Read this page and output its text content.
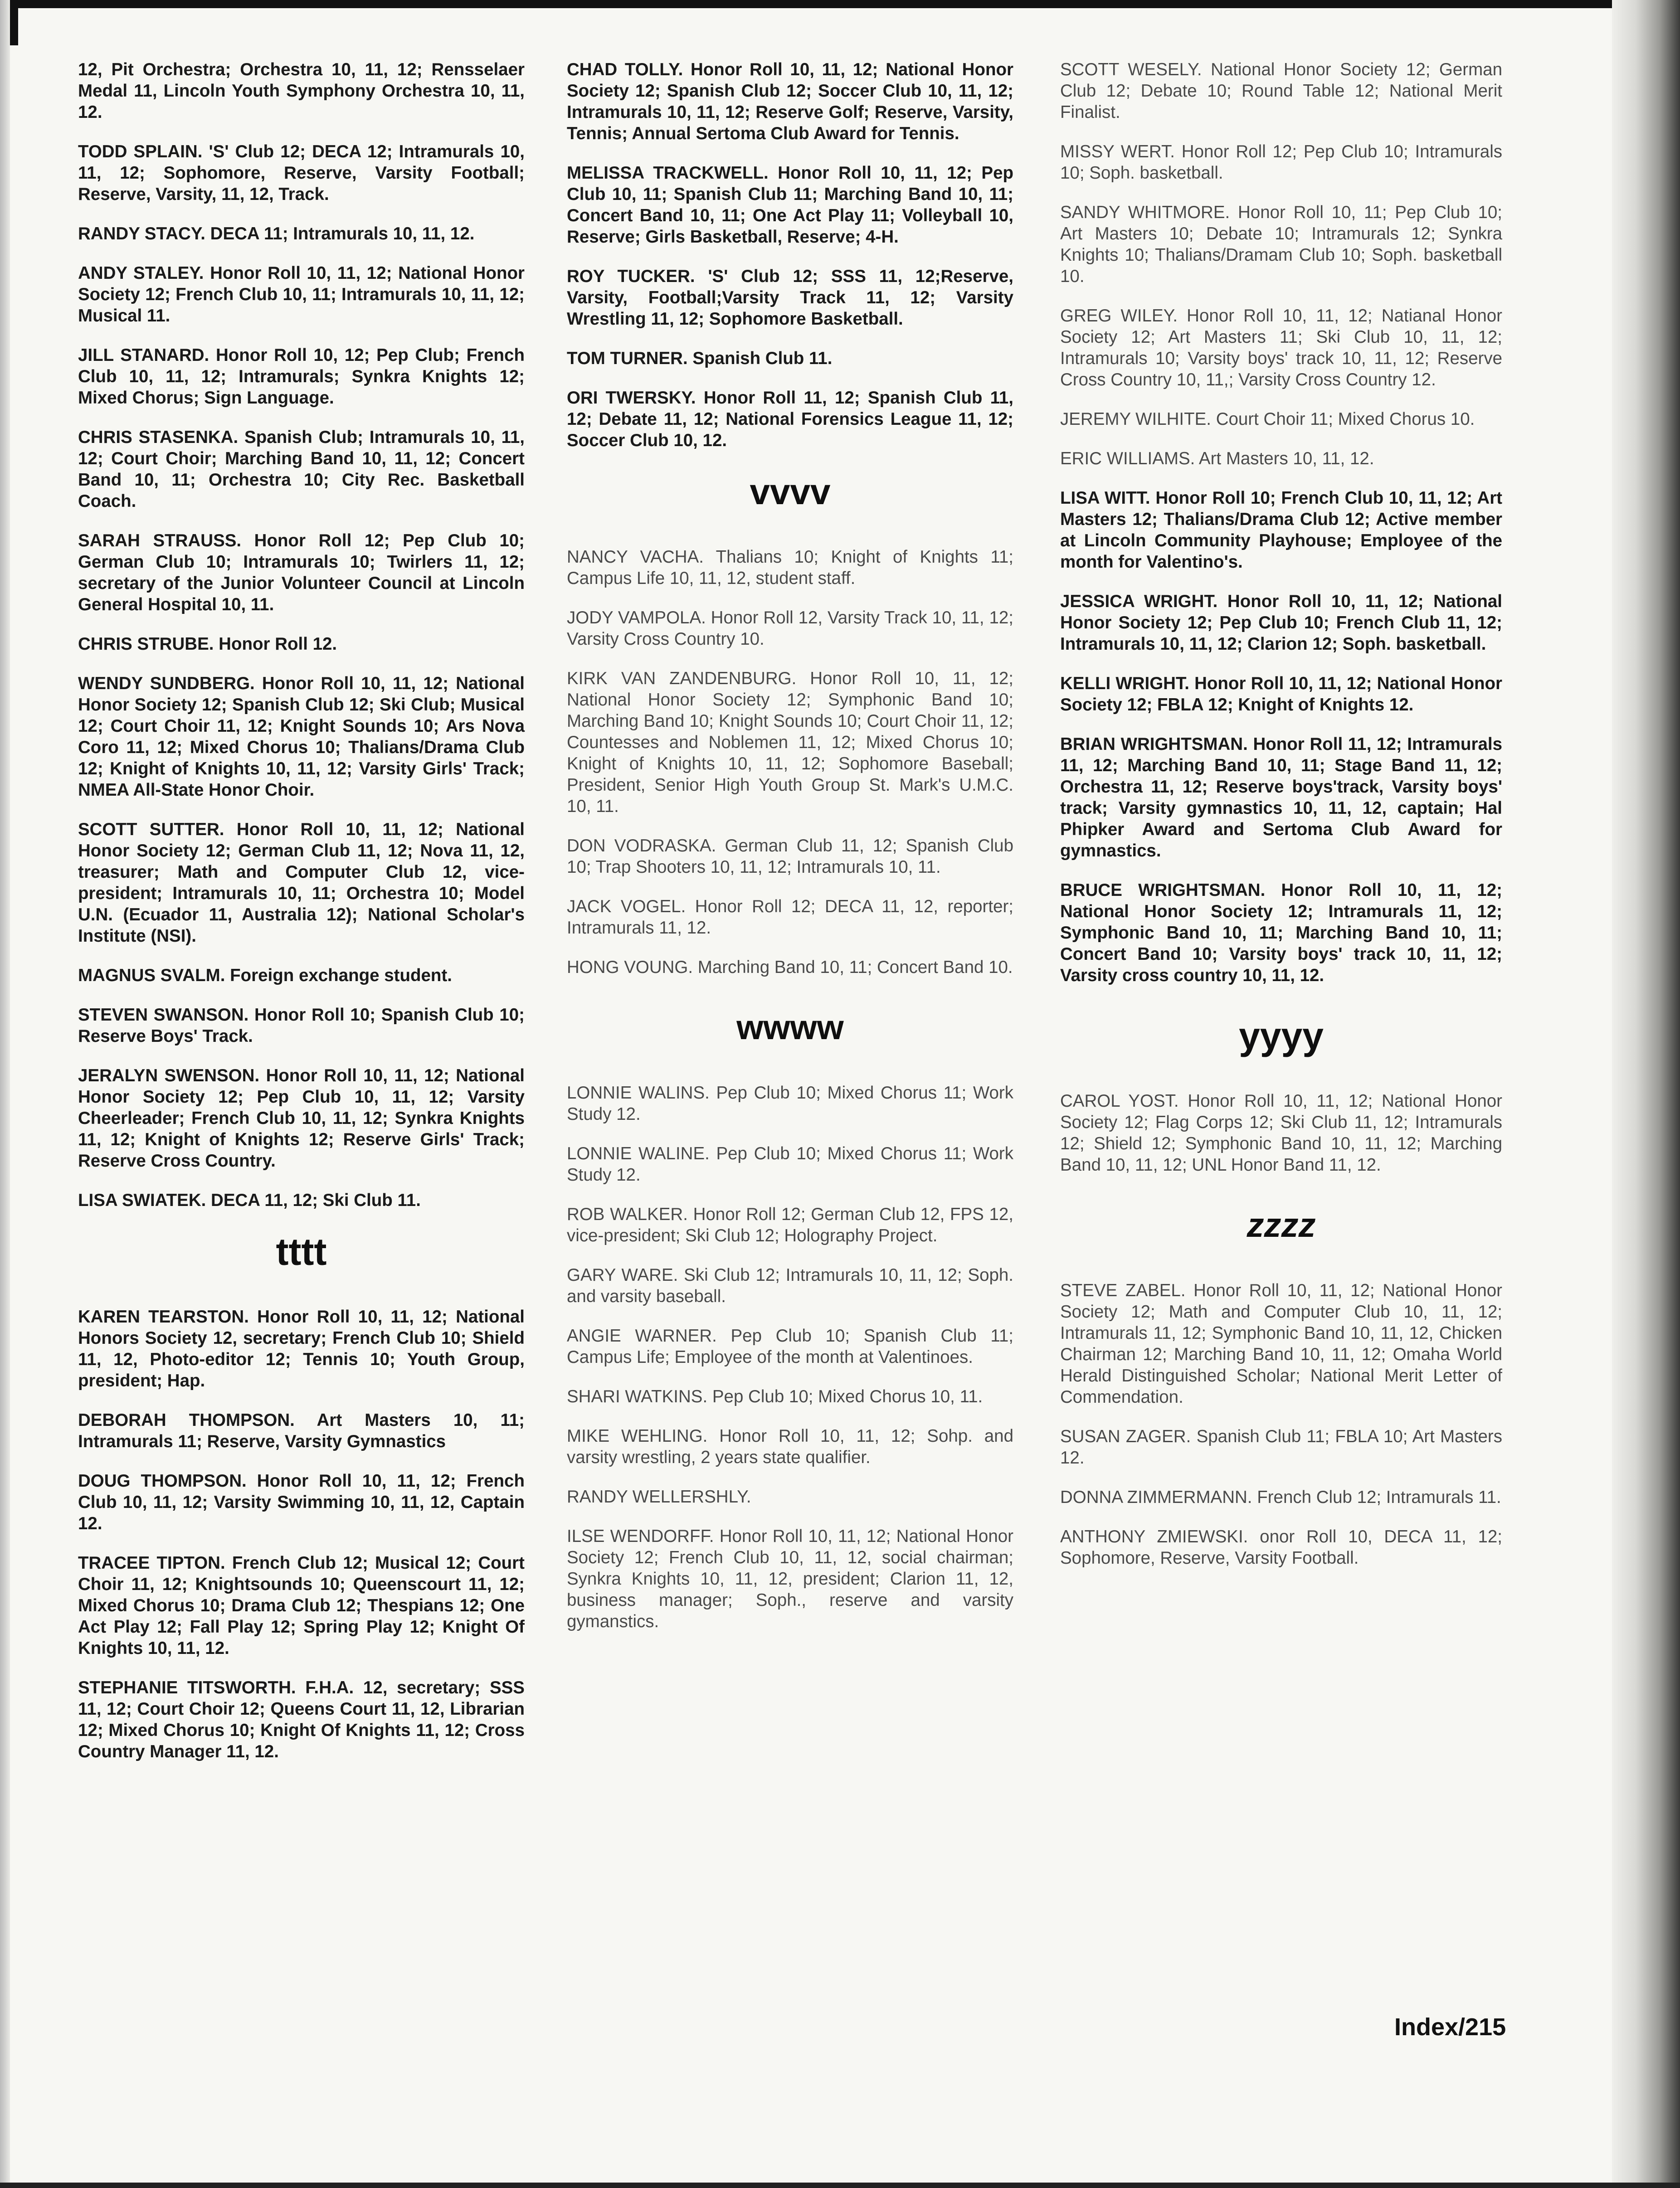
12, Pit Orchestra; Orchestra 10, 11, 12; Rensselaer Medal 11, Lincoln Youth Symphony Orchestra 10, 11, 12.

TODD SPLAIN. 'S' Club 12; DECA 12; Intramurals 10, 11, 12; Sophomore, Reserve, Varsity Football; Reserve, Varsity, 11, 12, Track.

RANDY STACY. DECA 11; Intramurals 10, 11, 12.

ANDY STALEY. Honor Roll 10, 11, 12; National Honor Society 12; French Club 10, 11; Intramurals 10, 11, 12; Musical 11.

JILL STANARD. Honor Roll 10, 12; Pep Club; French Club 10, 11, 12; Intramurals; Synkra Knights 12; Mixed Chorus; Sign Language.

CHRIS STASENKA. Spanish Club; Intramurals 10, 11, 12; Court Choir; Marching Band 10, 11, 12; Concert Band 10, 11; Orchestra 10; City Rec. Basketball Coach.

SARAH STRAUSS. Honor Roll 12; Pep Club 10; German Club 10; Intramurals 10; Twirlers 11, 12; secretary of the Junior Volunteer Council at Lincoln General Hospital 10, 11.

CHRIS STRUBE. Honor Roll 12.

WENDY SUNDBERG. Honor Roll 10, 11, 12; National Honor Society 12; Spanish Club 12; Ski Club; Musical 12; Court Choir 11, 12; Knight Sounds 10; Ars Nova Coro 11, 12; Mixed Chorus 10; Thalians/Drama Club 12; Knight of Knights 10, 11, 12; Varsity Girls' Track; NMEA All-State Honor Choir.

SCOTT SUTTER. Honor Roll 10, 11, 12; National Honor Society 12; German Club 11, 12; Nova 11, 12, treasurer; Math and Computer Club 12, vice-president; Intramurals 10, 11; Orchestra 10; Model U.N. (Ecuador 11, Australia 12); National Scholar's Institute (NSI).

MAGNUS SVALM. Foreign exchange student.

STEVEN SWANSON. Honor Roll 10; Spanish Club 10; Reserve Boys' Track.

JERALYN SWENSON. Honor Roll 10, 11, 12; National Honor Society 12; Pep Club 10, 11, 12; Varsity Cheerleader; French Club 10, 11, 12; Synkra Knights 11, 12; Knight of Knights 12; Reserve Girls' Track; Reserve Cross Country.

LISA SWIATEK. DECA 11, 12; Ski Club 11.

tttt

KAREN TEARSTON. Honor Roll 10, 11, 12; National Honors Society 12, secretary; French Club 10; Shield 11, 12, Photo-editor 12; Tennis 10; Youth Group, president; Hap.

DEBORAH THOMPSON. Art Masters 10, 11; Intramurals 11; Reserve, Varsity Gymnastics

DOUG THOMPSON. Honor Roll 10, 11, 12; French Club 10, 11, 12; Varsity Swimming 10, 11, 12, Captain 12.

TRACEE TIPTON. French Club 12; Musical 12; Court Choir 11, 12; Knightsounds 10; Queenscourt 11, 12; Mixed Chorus 10; Drama Club 12; Thespians 12; One Act Play 12; Fall Play 12; Spring Play 12; Knight Of Knights 10, 11, 12.

STEPHANIE TITSWORTH. F.H.A. 12, secretary; SSS 11, 12; Court Choir 12; Queens Court 11, 12, Librarian 12; Mixed Chorus 10; Knight Of Knights 11, 12; Cross Country Manager 11, 12.

CHAD TOLLY. Honor Roll 10, 11, 12; National Honor Society 12; Spanish Club 12; Soccer Club 10, 11, 12; Intramurals 10, 11, 12; Reserve Golf; Reserve, Varsity, Tennis; Annual Sertoma Club Award for Tennis.

MELISSA TRACKWELL. Honor Roll 10, 11, 12; Pep Club 10, 11; Spanish Club 11; Marching Band 10, 11; Concert Band 10, 11; One Act Play 11; Volleyball 10, Reserve; Girls Basketball, Reserve; 4-H.

ROY TUCKER. 'S' Club 12; SSS 11, 12;Reserve, Varsity, Football;Varsity Track 11, 12; Varsity Wrestling 11, 12; Sophomore Basketball.

TOM TURNER. Spanish Club 11.

ORI TWERSKY. Honor Roll 11, 12; Spanish Club 11, 12; Debate 11, 12; National Forensics League 11, 12; Soccer Club 10, 12.

vvvv

NANCY VACHA. Thalians 10; Knight of Knights 11; Campus Life 10, 11, 12, student staff.

JODY VAMPOLA. Honor Roll 12, Varsity Track 10, 11, 12; Varsity Cross Country 10.

KIRK VAN ZANDENBURG. Honor Roll 10, 11, 12; National Honor Society 12; Symphonic Band 10; Marching Band 10; Knight Sounds 10; Court Choir 11, 12; Countesses and Noblemen 11, 12; Mixed Chorus 10; Knight of Knights 10, 11, 12; Sophomore Baseball; President, Senior High Youth Group St. Mark's U.M.C. 10, 11.

DON VODRASKA. German Club 11, 12; Spanish Club 10; Trap Shooters 10, 11, 12; Intramurals 10, 11.

JACK VOGEL. Honor Roll 12; DECA 11, 12, reporter; Intramurals 11, 12.

HONG VOUNG. Marching Band 10, 11; Concert Band 10.

wwww

LONNIE WALINS. Pep Club 10; Mixed Chorus 11; Work Study 12.

LONNIE WALINE. Pep Club 10; Mixed Chorus 11; Work Study 12.

ROB WALKER. Honor Roll 12; German Club 12, FPS 12, vice-president; Ski Club 12; Holography Project.

GARY WARE. Ski Club 12; Intramurals 10, 11, 12; Soph. and varsity baseball.

ANGIE WARNER. Pep Club 10; Spanish Club 11; Campus Life; Employee of the month at Valentinoes.

SHARI WATKINS. Pep Club 10; Mixed Chorus 10, 11.

MIKE WEHLING. Honor Roll 10, 11, 12; Sohp. and varsity wrestling, 2 years state qualifier.

RANDY WELLERSHLY.

ILSE WENDORFF. Honor Roll 10, 11, 12; National Honor Society 12; French Club 10, 11, 12, social chairman; Synkra Knights 10, 11, 12, president; Clarion 11, 12, business manager; Soph., reserve and varsity gymanstics.

SCOTT WESELY. National Honor Society 12; German Club 12; Debate 10; Round Table 12; National Merit Finalist.

MISSY WERT. Honor Roll 12; Pep Club 10; Intramurals 10; Soph. basketball.

SANDY WHITMORE. Honor Roll 10, 11; Pep Club 10; Art Masters 10; Debate 10; Intramurals 12; Synkra Knights 10; Thalians/Dramam Club 10; Soph. basketball 10.

GREG WILEY. Honor Roll 10, 11, 12; Natianal Honor Society 12; Art Masters 11; Ski Club 10, 11, 12; Intramurals 10; Varsity boys' track 10, 11, 12; Reserve Cross Country 10, 11,; Varsity Cross Country 12.

JEREMY WILHITE. Court Choir 11; Mixed Chorus 10.

ERIC WILLIAMS. Art Masters 10, 11, 12.

LISA WITT. Honor Roll 10; French Club 10, 11, 12; Art Masters 12; Thalians/Drama Club 12; Active member at Lincoln Community Playhouse; Employee of the month for Valentino's.

JESSICA WRIGHT. Honor Roll 10, 11, 12; National Honor Society 12; Pep Club 10; French Club 11, 12; Intramurals 10, 11, 12; Clarion 12; Soph. basketball.

KELLI WRIGHT. Honor Roll 10, 11, 12; National Honor Society 12; FBLA 12; Knight of Knights 12.

BRIAN WRIGHTSMAN. Honor Roll 11, 12; Intramurals 11, 12; Marching Band 10, 11; Stage Band 11, 12; Orchestra 11, 12; Reserve boys'track, Varsity boys' track; Varsity gymnastics 10, 11, 12, captain; Hal Phipker Award and Sertoma Club Award for gymnastics.

BRUCE WRIGHTSMAN. Honor Roll 10, 11, 12; National Honor Society 12; Intramurals 11, 12; Symphonic Band 10, 11; Marching Band 10, 11; Concert Band 10; Varsity boys' track 10, 11, 12; Varsity cross country 10, 11, 12.

yyyy

CAROL YOST. Honor Roll 10, 11, 12; National Honor Society 12; Flag Corps 12; Ski Club 11, 12; Intramurals 12; Shield 12; Symphonic Band 10, 11, 12; Marching Band 10, 11, 12; UNL Honor Band 11, 12.

zzzz

STEVE ZABEL. Honor Roll 10, 11, 12; National Honor Society 12; Math and Computer Club 10, 11, 12; Intramurals 11, 12; Symphonic Band 10, 11, 12, Chicken Chairman 12; Marching Band 10, 11, 12; Omaha World Herald Distinguished Scholar; National Merit Letter of Commendation.

SUSAN ZAGER. Spanish Club 11; FBLA 10; Art Masters 12.

DONNA ZIMMERMANN. French Club 12; Intramurals 11.

ANTHONY ZMIEWSKI. onor Roll 10, DECA 11, 12; Sophomore, Reserve, Varsity Football.

Index/215
